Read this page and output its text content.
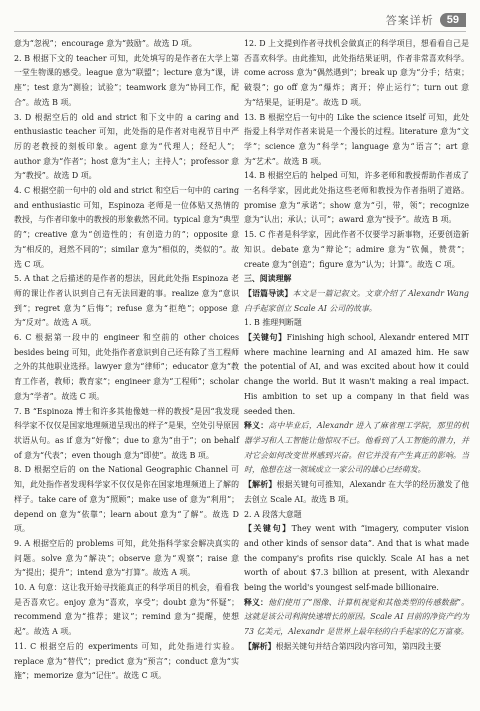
答案详析	59

意为“忽视”；encourage 意为“鼓励”。故选 D 项。

2. B 根据下文的 teacher 可知，此处填写的是作者在大学上第一堂生物课的感受。league 意为“联盟”；lecture 意为“课，讲座”；test 意为“测验；试验”；teamwork 意为“协同工作，配合”。故选 B 项。

3. D 根据空后的 old and strict 和下文中的 a caring and enthusiastic teacher 可知，此处指的是作者对电视节目中严厉的老教授的刻板印象。agent 意为“代理人；经纪人”；author 意为“作者”；host 意为“主人；主持人”；professor 意为“教授”。故选 D 项。

4. C 根据空前一句中的 old and strict 和空后一句中的 caring and enthusiastic 可知，Espinoza 老师是一位体贴又热情的教授，与作者印象中的教授的形象截然不同。typical 意为“典型的”；creative 意为“创造性的；有创造力的”；opposite 意为“相反的，迥然不同的”；similar 意为“相似的，类似的”。故选 C 项。

5. A that 之后描述的是作者的想法，因此此处指 Espinoza 老师的课让作者认识到自己有无法回避的事。realize 意为“意识到”；regret 意为“后悔”；refuse 意为“拒绝”；oppose 意为“反对”。故选 A 项。

6. C 根据第一段中的 engineer 和空前的 other choices besides being 可知，此处指作者意识到自己还有除了当工程师之外的其他职业选择。lawyer 意为“律师”；educator 意为“教育工作者，教师；教育家”；engineer 意为“工程师”；scholar 意为“学者”。故选 C 项。

7. B “Espinoza 博士和许多其他像她一样的教授”是因“我发现科学家不仅仅是国家地理频道呈现出的样子”是果，空处引导原因状语从句。as if 意为“好像”；due to 意为“由于”；on behalf of 意为“代表”；even though 意为“即使”。故选 B 项。

8. D 根据空后的 on the National Geographic Channel 可知，此处指作者发现科学家不仅仅是你在国家地理频道上了解的样子。take care of 意为“照顾”；make use of 意为“利用”；depend on 意为“依靠”；learn about 意为“了解”。故选 D 项。

9. A 根据空后的 problems 可知，此处指科学家会解决真实的问题。solve 意为“解决”；observe 意为“观察”；raise 意为“提出；提升”；intend 意为“打算”。故选 A 项。

10. A 句意：这让我开始寻找能真正的科学项目的机会，看看我是否喜欢它。enjoy 意为“喜欢，享受”；doubt 意为“怀疑”；recommend 意为“推荐；建议”；remind 意为“提醒，使想起”。故选 A 项。

11. C 根据空后的 experiments 可知，此处指进行实验。replace 意为“替代”；predict 意为“预言”；conduct 意为“实施”；memorize 意为“记住”。故选 C 项。

12. D 上文提到作者寻找机会做真正的科学项目，想看看自己是否喜欢科学。由此推知，此处指结果证明，作者非常喜欢科学。come across 意为“偶然遇到”；break up 意为“分手；结束；破裂”；go off 意为“爆炸；离开；停止运行”；turn out 意为“结果是，证明是”。故选 D 项。

13. B 根据空后一句中的 Like the science itself 可知，此处指爱上科学对作者来说是一个漫长的过程。literature 意为“文学”；science 意为“科学”；language 意为“语言”；art 意为“艺术”。故选 B 项。

14. B 根据空后的 helped 可知，许多老师和教授帮助作者成了一名科学家，因此此处指这些老师和教授为作者指明了道路。promise 意为“承诺”；show 意为“引，带，领”；recognize 意为“认出；承认；认可”；award 意为“授予”。故选 B 项。

15. C 作者是科学家，因此作者不仅要学习新事物，还要创造新知识。debate 意为“辩论”；admire 意为“钦佩，赞赏”；create 意为“创造”；figure 意为“认为；计算”。故选 C 项。

三、阅读理解

【语篇导读】本文是一篇记叙文。文章介绍了 Alexandr Wang 白手起家创立 Scale AI 公司的故事。

1. B 推理判断题

【关键句】Finishing high school, Alexandr entered MIT where machine learning and AI amazed him. He saw the potential of AI, and was excited about how it could change the world. But it wasn't making a real impact. His ambition to set up a company in that field was seeded then.

释义：高中毕业后，Alexandr 进入了麻省理工学院，那里的机器学习和人工智能让他惊叹不已。他看到了人工智能的潜力，并对它会如何改变世界感到兴奋。但它并没有产生真正的影响。当时，他想在这一领域成立一家公司的雄心已经萌发。

【解析】根据关键句可推知，Alexandr 在大学的经历激发了他去创立 Scale AI。故选 B 项。

2. A 段落大意题

【关键句】They went with “imagery, computer vision and other kinds of sensor data”. And that is what made the company's profits rise quickly. Scale AI has a net worth of about $7.3 billion at present, with Alexandr being the world's youngest self-made billionaire.

释义：他们使用了“图像、计算机视觉和其他类型的传感数据”。这就是该公司利润快速增长的原因。Scale AI 目前的净资产约为 73 亿美元，Alexandr 是世界上最年轻的白手起家的亿万富豪。

【解析】根据关键句并结合第四段内容可知，第四段主要
